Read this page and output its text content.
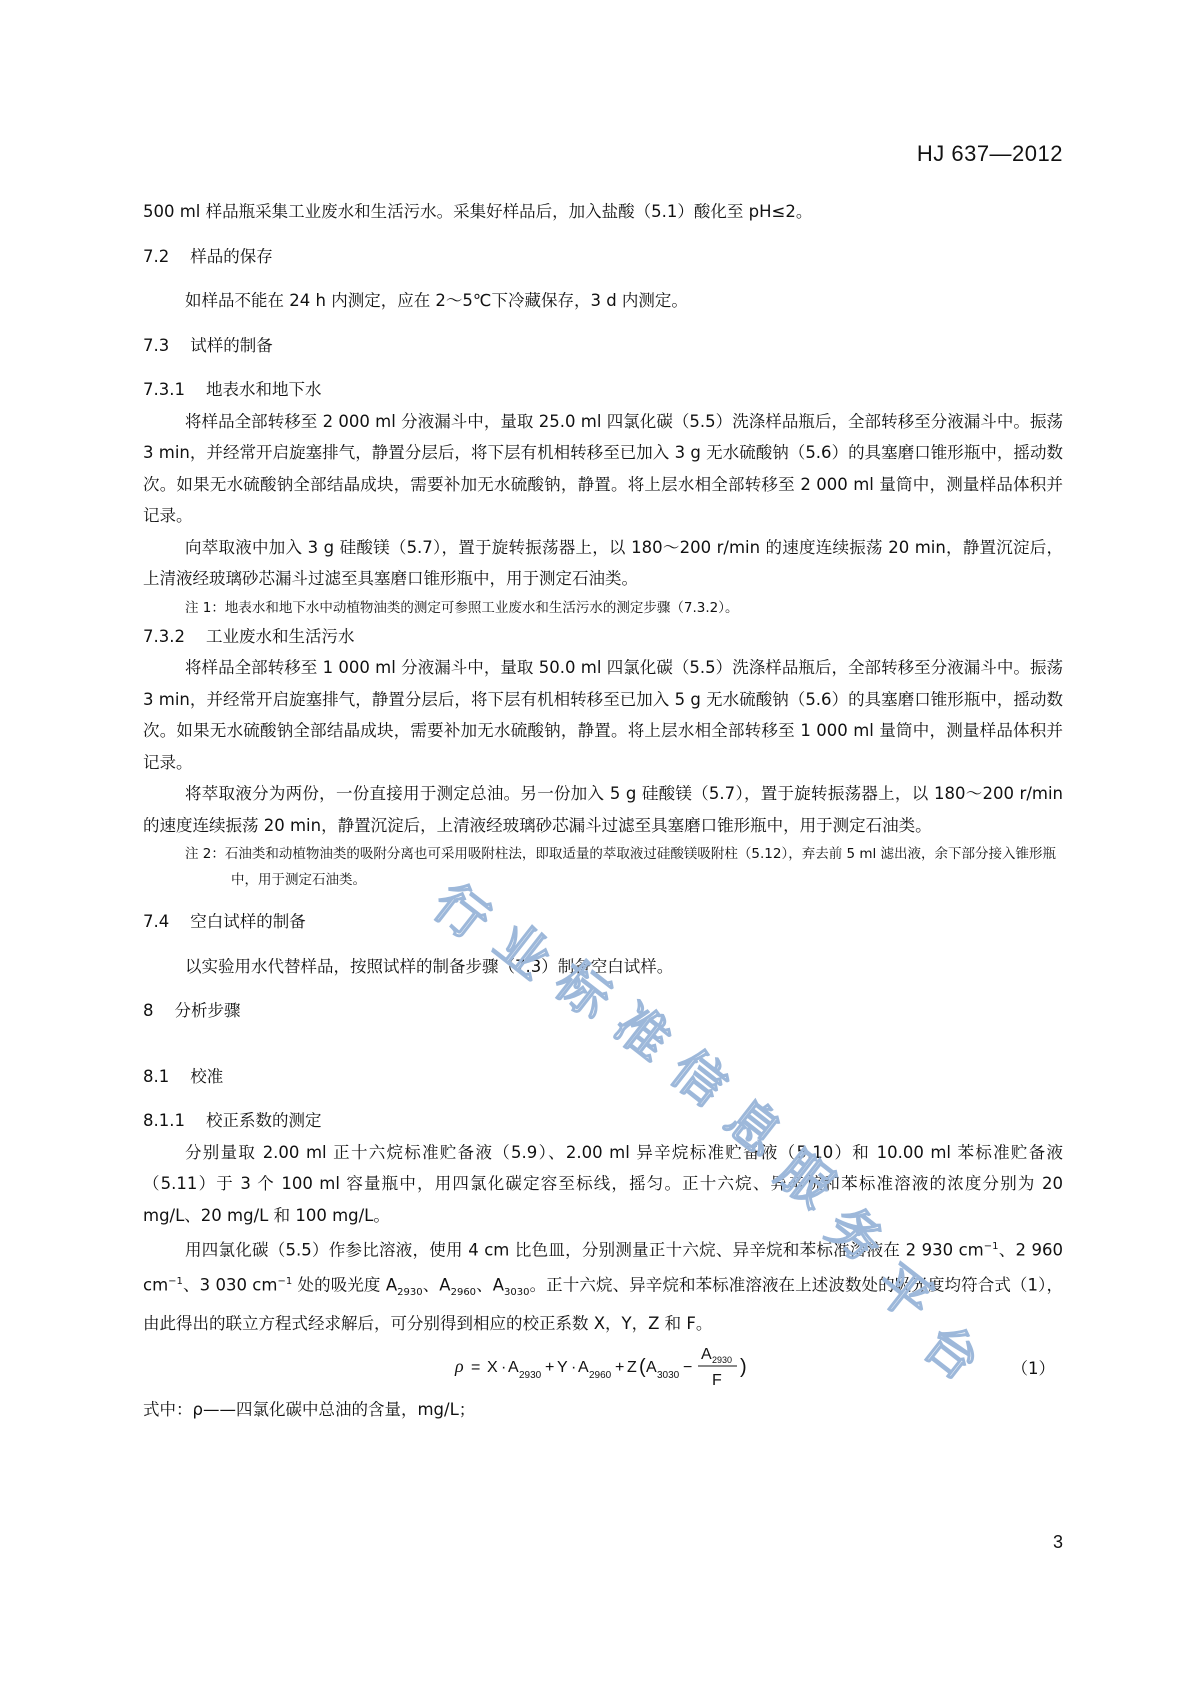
HJ 637—2012

500 ml 样品瓶采集工业废水和生活污水。采集好样品后，加入盐酸（5.1）酸化至 pH≤2。

7.2 样品的保存

如样品不能在 24 h 内测定，应在 2～5℃下冷藏保存，3 d 内测定。

7.3 试样的制备

7.3.1 地表水和地下水

将样品全部转移至 2 000 ml 分液漏斗中，量取 25.0 ml 四氯化碳（5.5）洗涤样品瓶后，全部转移至分液漏斗中。振荡 3 min，并经常开启旋塞排气，静置分层后，将下层有机相转移至已加入 3 g 无水硫酸钠（5.6）的具塞磨口锥形瓶中，摇动数次。如果无水硫酸钠全部结晶成块，需要补加无水硫酸钠，静置。将上层水相全部转移至 2 000 ml 量筒中，测量样品体积并记录。

向萃取液中加入 3 g 硅酸镁（5.7），置于旋转振荡器上，以 180～200 r/min 的速度连续振荡 20 min，静置沉淀后，上清液经玻璃砂芯漏斗过滤至具塞磨口锥形瓶中，用于测定石油类。

注 1：地表水和地下水中动植物油类的测定可参照工业废水和生活污水的测定步骤（7.3.2）。

7.3.2 工业废水和生活污水

将样品全部转移至 1 000 ml 分液漏斗中，量取 50.0 ml 四氯化碳（5.5）洗涤样品瓶后，全部转移至分液漏斗中。振荡 3 min，并经常开启旋塞排气，静置分层后，将下层有机相转移至已加入 5 g 无水硫酸钠（5.6）的具塞磨口锥形瓶中，摇动数次。如果无水硫酸钠全部结晶成块，需要补加无水硫酸钠，静置。将上层水相全部转移至 1 000 ml 量筒中，测量样品体积并记录。

将萃取液分为两份，一份直接用于测定总油。另一份加入 5 g 硅酸镁（5.7），置于旋转振荡器上，以 180～200 r/min 的速度连续振荡 20 min，静置沉淀后，上清液经玻璃砂芯漏斗过滤至具塞磨口锥形瓶中，用于测定石油类。

注 2：石油类和动植物油类的吸附分离也可采用吸附柱法，即取适量的萃取液过硅酸镁吸附柱（5.12），弃去前 5 ml 滤出液，余下部分接入锥形瓶中，用于测定石油类。

7.4 空白试样的制备

以实验用水代替样品，按照试样的制备步骤（7.3）制备空白试样。

8 分析步骤

8.1 校准

8.1.1 校正系数的测定

分别量取 2.00 ml 正十六烷标准贮备液（5.9）、2.00 ml 异辛烷标准贮备液（5.10）和 10.00 ml 苯标准贮备液（5.11）于 3 个 100 ml 容量瓶中，用四氯化碳定容至标线，摇匀。正十六烷、异辛烷和苯标准溶液的浓度分别为 20 mg/L、20 mg/L 和 100 mg/L。

用四氯化碳（5.5）作参比溶液，使用 4 cm 比色皿，分别测量正十六烷、异辛烷和苯标准溶液在 2 930 $cm^{-1}$、2 960 $cm^{-1}$、3 030 $cm^{-1}$ 处的吸光度 $A_{2930}$、$A_{2960}$、$A_{3030}$。正十六烷、异辛烷和苯标准溶液在上述波数处的吸光度均符合式（1），由此得出的联立方程式经求解后，可分别得到相应的校正系数 X，Y，Z 和 F。

ρ = X · A 2930 + Y · A 2960 + Z ( A 3030 −
A 2930
F
)	（1）

式中：ρ——四氯化碳中总油的含量，mg/L；

3
行
业
标
准
信
息
服
务
平
台
